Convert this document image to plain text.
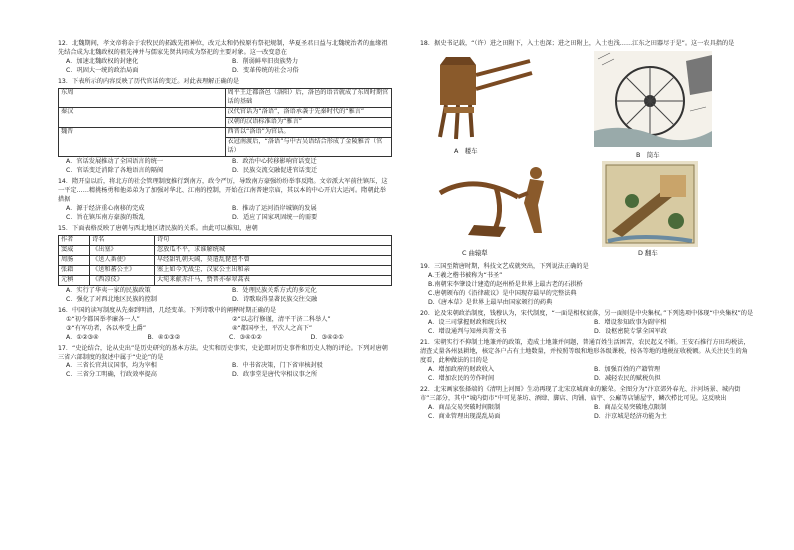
12．北魏期间，孝文帝将杂于农牧民的拓跋先祖神位，改元太和仍按原有祭祀规制，华夏圣君日益与北魏统治者的血缘祖先结合成为北魏政权的祖先神并与儒家先贤共同成为祭祀的主要对象。这一改变意在

A．加速北魏政权的封建化	B．削弱鲜卑旧贵族势力
C．巩固大一统的政治局面	D．变革传统的社会习俗

13．下表所示的内容反映了历代官话的变迁。对此表理解正确的是

东周	周平王迁都洛邑（洛阳）后，洛邑的语音就成了东周时期官话的基础
秦汉	汉代官话为“洛语”，洛语承袭于先秦时代的“雅言”
	汉朝的汉语标准语为“雅言”
魏晋	西晋以“洛语”为官话。
	衣冠南渡后，“洛语”与中古吴语结合形成了金陵雅音（官话）
A．官话发展推动了全国语言的统一	B．政治中心转移影响官话变迁
C．官话变迁消除了各地语言的隔阂	D．民族交流交融促进官话变迁

14．隋开皇以后，将北方的社会管理制度推行到南方，政令严厉，导致南方豪强纷纷举事反隋。文帝派大军前往镇压，这一平定……精挑杨勇和他弟弟为了加强对华北、江南的控制，开始在江南普建宗庙，其以本的中心开启大运河。隋朝此举措据

A．源于经济重心南移的完成	B．推动了运河沿岸城镇的发展
C．旨在镇压南方豪族的叛乱	D．适应了国家巩固统一的需要

15．下面表格反映了唐朝与西北地区诸民族的关系。由此可以推知，唐朝

作者	诗名	诗句
窦威	《出塞》	忽放瓜不平，求谁解统城
周肠	《送人番使》	早经甜乳朝天阔，莫遣乱琵琶不曾
张籍	《送和蕃公主》	塞上如今无战尘，汉家公主出和亲
元稹	《西凉伎》	大宛来献赤汗马，赞普亦奉翠蒿表
A．实行了华夷一家的民族政策	B．处理民族关系方式的多元化
C．强化了对西北地区民族的控制	D．诗歌取得显著民族交往交融

16．中国的读写制度从先秦到明清，几经变革。下列诗歌中的阐释时期正确的是

①“初令都国举孝廉各一人”	②“以志行修谨，清平干济二科举人”
③“有军功者，各以率受上爵”	④“都国亭主，平次人之高下”
A．①②③④	B．④①③②	C．③④①②	D．③④②①

17．“史论结合，论从史出”是历史研究的基本方法。史实和历史事实，史论即对历史事件和历史人物的评论。下列对唐朝三省六部制度的叙述中属于“史论”的是

A．三省长官共议国事，均为宰相	B．中书省决策，门下省审核封驳
C．三省分工明确，行政效率提高	D．政事堂是唐代宰相议事之所

18．据史书记载，“（许）进之田附下，入土也深；进之田附上，入土也浅……江东之田器尽于是”。这一农具指的是

A　耧车	B　筒车
C 曲辕犁	D 翻车

19．三国至隋唐时期，科技文艺成就突出，下列说法正确的是

A.王羲之楷书被称为“书圣”
B.南朝宋李肇设计建造的赵州桥是世界上最古老的石拱桥
C.唐朝颁布的《沿律疏议》是中国现存最早的完整法典
D.《唐本草》是世界上最早由国家颁行的药典

20．论及宋朝政治制度，钱穆认为，宋代制度，“一面是相权衰落，另一面则是中央集权。”下列选项中体现“中央集权”的是

A．设三司掌握财政和统兵权	B．增设参知政事为副宰相
C．增设通判与知州共署文书	D．设枢密院专掌全国军政

21．宋朝实行不抑制土地兼并的政策，造成土地兼并问题，普通百姓生活困苦，农民起义不断。王安石推行方田均税法，清查丈量各州县耕地，核定各户占有土地数量，并按照等级和地形各级课税，按各等地的地税征收税额。从关注民生的角度看，此种做法的目的是

A．增加政府的财政收入	B．加强百姓的产籍管理
C．增加农民的劳作时间	D．减轻农民的赋税负担

22．北宋画家张择端的《清明上河图》生动再现了北宋京城商业的繁荣。全图分为“汴京郊外春光、汴河场景、城内街市”三部分，其中“城内街市”中可见茶坊、酒肆、脚店、肉铺、庙宇、公廨等店铺屋宇，鳞次栉比可见。这反映出

A．商品交易突破时间限制	B．商品交易突破地点限制
C．商业管理出现混乱局面	D．汴京城是经济功能为主
